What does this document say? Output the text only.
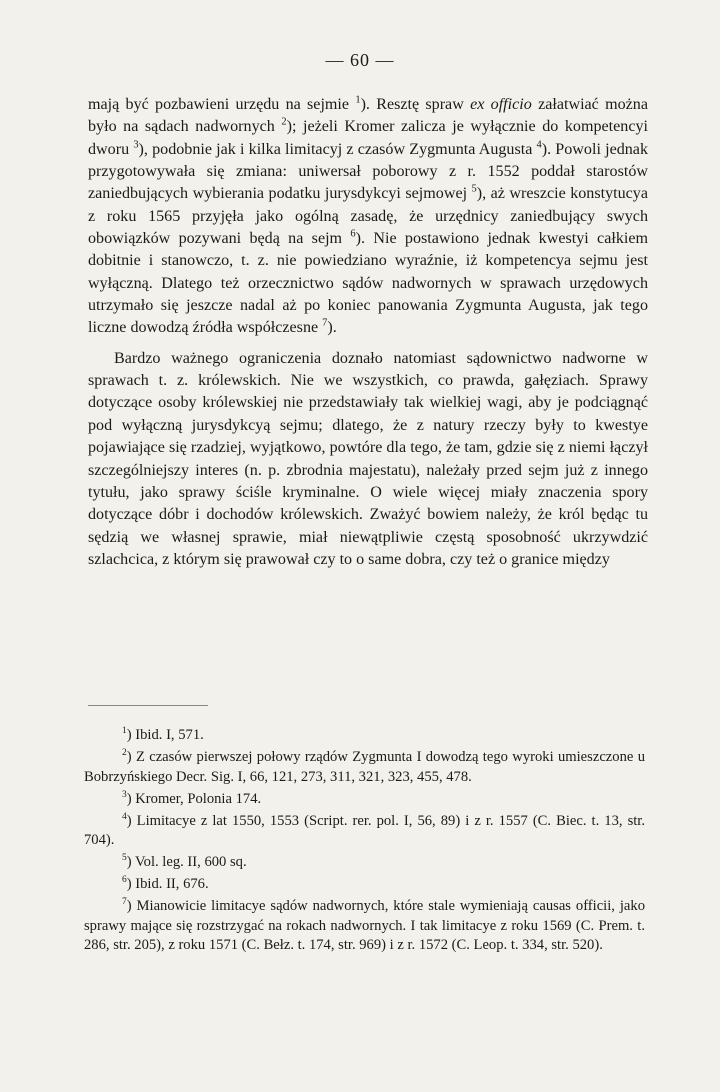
— 60 —

mają być pozbawieni urzędu na sejmie $^1$). Resztę spraw ex officio załatwiać można było na sądach nadwornych $^2$); jeżeli Kromer zalicza je wyłącznie do kompetencyi dworu $^3$), podobnie jak i kilka limitacyj z czasów Zygmunta Augusta $^4$). Powoli jednak przygotowywała się zmiana: uniwersał poborowy z r. 1552 poddał starostów zaniedbujących wybierania podatku jurysdykcyi sejmowej $^5$), aż wreszcie konstytucya z roku 1565 przyjęła jako ogólną zasadę, że urzędnicy zaniedbujący swych obowiązków pozywani będą na sejm $^6$). Nie postawiono jednak kwestyi całkiem dobitnie i stanowczo, t. z. nie powiedziano wyraźnie, iż kompetencya sejmu jest wyłączną. Dlatego też orzecznictwo sądów nadwornych w sprawach urzędowych utrzymało się jeszcze nadal aż po koniec panowania Zygmunta Augusta, jak tego liczne dowodzą źródła współczesne $^7$).

Bardzo ważnego ograniczenia doznało natomiast sądownictwo nadworne w sprawach t. z. królewskich. Nie we wszystkich, co prawda, gałęziach. Sprawy dotyczące osoby królewskiej nie przedstawiały tak wielkiej wagi, aby je podciągnąć pod wyłączną jurysdykcyą sejmu; dlatego, że z natury rzeczy były to kwestye pojawiające się rzadziej, wyjątkowo, powtóre dla tego, że tam, gdzie się z niemi łączył szczególniejszy interes (n. p. zbrodnia majestatu), należały przed sejm już z innego tytułu, jako sprawy ściśle kryminalne. O wiele więcej miały znaczenia spory dotyczące dóbr i dochodów królewskich. Zważyć bowiem należy, że król będąc tu sędzią we własnej sprawie, miał niewątpliwie częstą sposobność ukrzywdzić szlachcica, z którym się prawował czy to o same dobra, czy też o granice między

$^1$) Ibid. I, 571.

$^2$) Z czasów pierwszej połowy rządów Zygmunta I dowodzą tego wyroki umieszczone u Bobrzyńskiego Decr. Sig. I, 66, 121, 273, 311, 321, 323, 455, 478.

$^3$) Kromer, Polonia 174.

$^4$) Limitacye z lat 1550, 1553 (Script. rer. pol. I, 56, 89) i z r. 1557 (C. Biec. t. 13, str. 704).

$^5$) Vol. leg. II, 600 sq.

$^6$) Ibid. II, 676.

$^7$) Mianowicie limitacye sądów nadwornych, które stale wymieniają causas officii, jako sprawy mające się rozstrzygać na rokach nadwornych. I tak limitacye z roku 1569 (C. Prem. t. 286, str. 205), z roku 1571 (C. Bełz. t. 174, str. 969) i z r. 1572 (C. Leop. t. 334, str. 520).
